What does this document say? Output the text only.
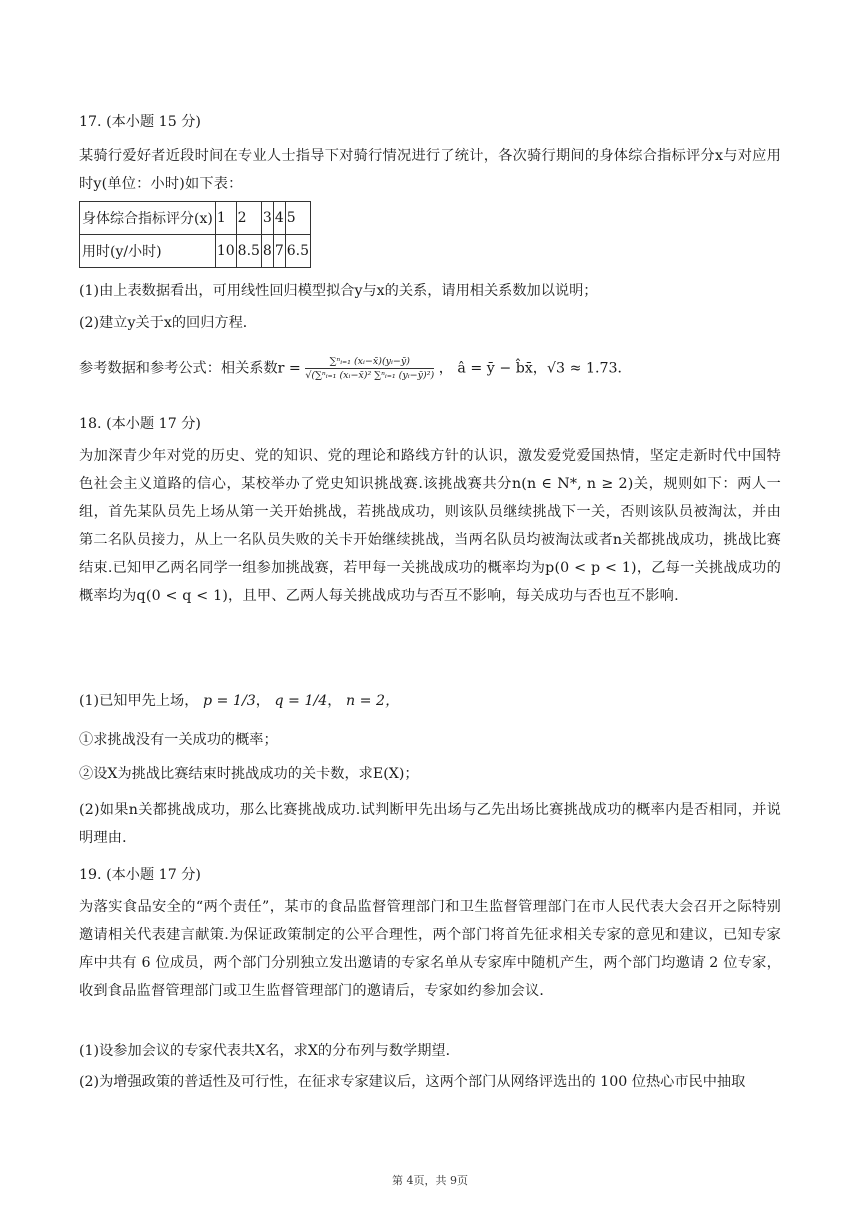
17. (本小题 15 分)

某骑行爱好者近段时间在专业人士指导下对骑行情况进行了统计，各次骑行期间的身体综合指标评分x与对应用时y(单位：小时)如下表：

身体综合指标评分(x)	1	2	3	4	5
用时(y/小时)	10	8.5	8	7	6.5

(1)由上表数据看出，可用线性回归模型拟合y与x的关系，请用相关系数加以说明；

(2)建立y关于x的回归方程．

参考数据和参考公式：相关系数$r = \frac{\text{∑ⁿᵢ₌₁ (xᵢ−x̄)(yᵢ−ȳ)}}{\text{√(∑ⁿᵢ₌₁ (xᵢ−x̄)² ∑ⁿᵢ₌₁ (yᵢ−ȳ)²)}}$ ， â = ȳ − b̂x̄，√3 ≈ 1.73．

18. (本小题 17 分)

为加深青少年对党的历史、党的知识、党的理论和路线方针的认识，激发爱党爱国热情，坚定走新时代中国特色社会主义道路的信心，某校举办了党史知识挑战赛.该挑战赛共分n(n ∈ N*, n ≥ 2)关，规则如下：两人一组，首先某队员先上场从第一关开始挑战，若挑战成功，则该队员继续挑战下一关，否则该队员被淘汰，并由第二名队员接力，从上一名队员失败的关卡开始继续挑战，当两名队员均被淘汰或者n关都挑战成功，挑战比赛结束.已知甲乙两名同学一组参加挑战赛，若甲每一关挑战成功的概率均为p(0 < p < 1)，乙每一关挑战成功的概率均为q(0 < q < 1)，且甲、乙两人每关挑战成功与否互不影响，每关成功与否也互不影响.

(1)已知甲先上场， p = 1/3， q = 1/4， n = 2，

①求挑战没有一关成功的概率；

②设X为挑战比赛结束时挑战成功的关卡数，求E(X)；

(2)如果n关都挑战成功，那么比赛挑战成功.试判断甲先出场与乙先出场比赛挑战成功的概率内是否相同，并说明理由．

19. (本小题 17 分)

为落实食品安全的“两个责任”，某市的食品监督管理部门和卫生监督管理部门在市人民代表大会召开之际特别邀请相关代表建言献策.为保证政策制定的公平合理性，两个部门将首先征求相关专家的意见和建议，已知专家库中共有 6 位成员，两个部门分别独立发出邀请的专家名单从专家库中随机产生，两个部门均邀请 2 位专家，收到食品监督管理部门或卫生监督管理部门的邀请后，专家如约参加会议．

(1)设参加会议的专家代表共X名，求X的分布列与数学期望．

(2)为增强政策的普适性及可行性，在征求专家建议后，这两个部门从网络评选出的 100 位热心市民中抽取

第 4页，共 9页
